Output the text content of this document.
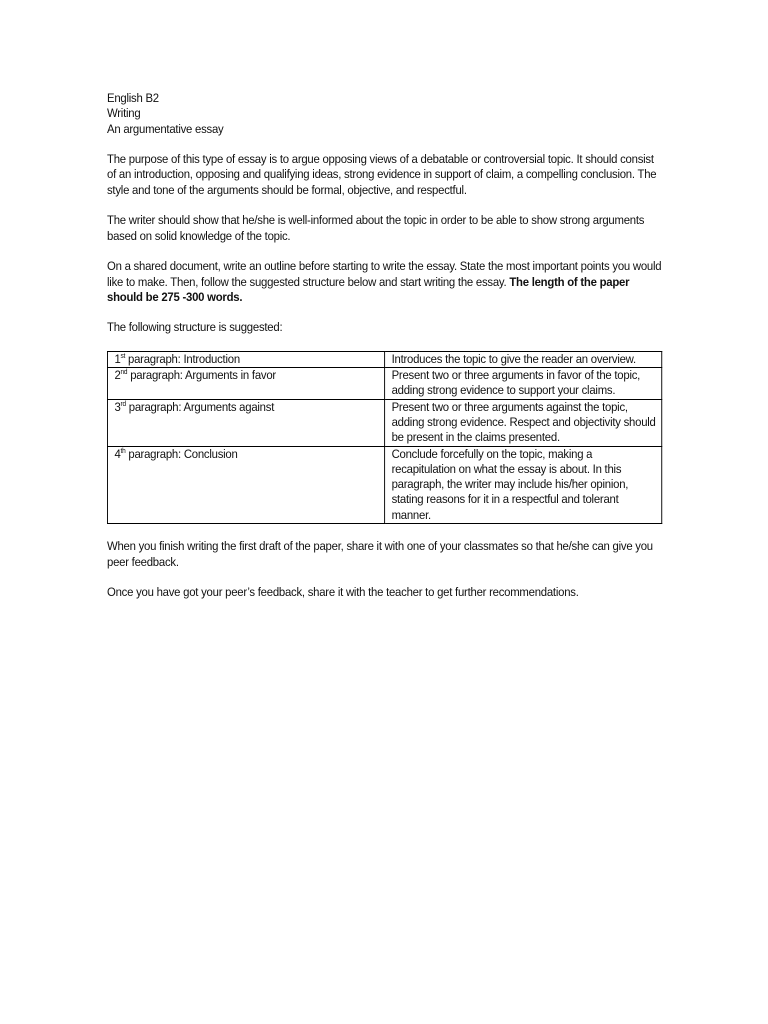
English B2

Writing

An argumentative essay

The purpose of this type of essay is to argue opposing views of a debatable or controversial topic. It should consist of an introduction, opposing and qualifying ideas, strong evidence in support of claim, a compelling conclusion. The style and tone of the arguments should be formal, objective, and respectful.

The writer should show that he/she is well-informed about the topic in order to be able to show strong arguments based on solid knowledge of the topic.

On a shared document, write an outline before starting to write the essay. State the most important points you would like to make. Then, follow the suggested structure below and start writing the essay. The length of the paper should be 275 -300 words.

The following structure is suggested:

1st paragraph: Introduction	Introduces the topic to give the reader an overview.
2nd paragraph: Arguments in favor	Present two or three arguments in favor of the topic, adding strong evidence to support your claims.
3rd paragraph: Arguments against	Present two or three arguments against the topic, adding strong evidence. Respect and objectivity should be present in the claims presented.
4th paragraph: Conclusion	Conclude forcefully on the topic, making a recapitulation on what the essay is about. In this paragraph, the writer may include his/her opinion, stating reasons for it in a respectful and tolerant manner.

When you finish writing the first draft of the paper, share it with one of your classmates so that he/she can give you peer feedback.

Once you have got your peer’s feedback, share it with the teacher to get further recommendations.
